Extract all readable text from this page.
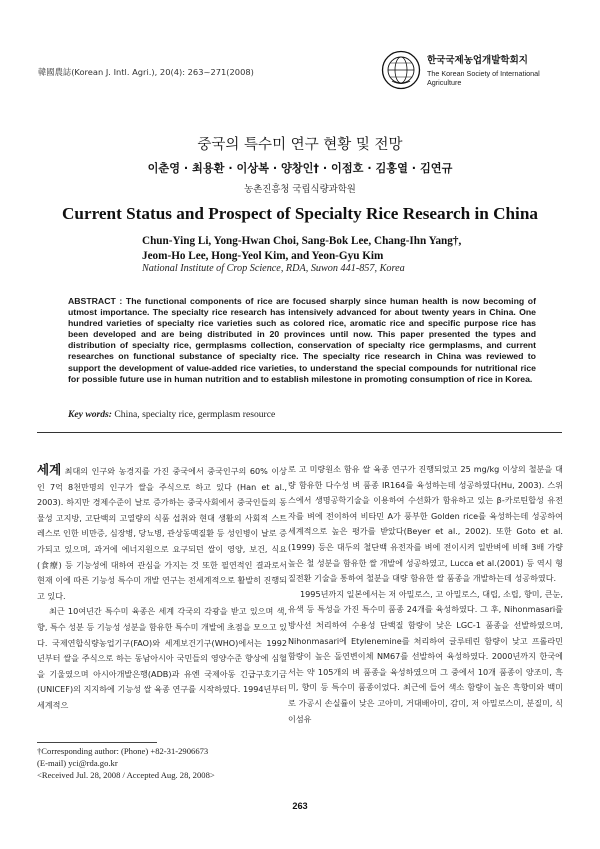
韓國農誌(Korean J. Intl. Agri.), 20(4): 263~271(2008)
한국국제농업개발학회지
The Korean Society of International
Agriculture
중국의 특수미 연구 현황 및 전망
이춘영 · 최용환 · 이상복 · 양창인† · 이점호 · 김홍열 · 김연규
농촌진흥청 국립식량과학원
Current Status and Prospect of Specialty Rice Research in China
Chun-Ying Li, Yong-Hwan Choi, Sang-Bok Lee, Chang-Ihn Yang†,
Jeom-Ho Lee, Hong-Yeol Kim, and Yeon-Gyu Kim
National Institute of Crop Science, RDA, Suwon 441-857, Korea

ABSTRACT : The functional components of rice are focused sharply since human health is now becoming of utmost importance. The specialty rice research has intensively advanced for about twenty years in China. One hundred varieties of specialty rice varieties such as colored rice, aromatic rice and specific purpose rice has been developed and are being distributed in 20 provinces until now. This paper presented the types and distribution of specialty rice, germplasms collection, conservation of specialty rice germplasms, and current researches on functional substance of specialty rice. The specialty rice research in China was reviewed to support the development of value-added rice varieties, to understand the special compounds for nutritional rice for possible future use in human nutrition and to establish milestone in promoting consumption of rice in Korea.

Key words: China, specialty rice, germplasm resource

세계 최대의 인구와 농경지를 가진 중국에서 중국인구의 60% 이상인 7억 8천만명의 인구가 쌀을 주식으로 하고 있다 (Han et al., 2003). 하지만 경제수준이 날로 증가하는 중국사회에서 중국인들의 동물성 고지방, 고단백의 고열량의 식품 섭취와 현대 생활의 사회적 스트레스로 인한 비만증, 심장병, 당뇨병, 관상동맥질환 등 성인병이 날로 증가되고 있으며, 과거에 에너지원으로 요구되던 쌀이 영양, 보건, 식요(食療) 등 기능성에 대하여 관심을 가지는 것 또한 필연적인 결과로서 현재 이에 따른 기능성 특수미 개발 연구는 전세계적으로 활발히 진행되고 있다.

최근 10여년간 특수미 육종은 세계 각국의 각광을 받고 있으며 색, 향, 특수 성분 등 기능성 성분을 함유한 특수미 개발에 초점을 모으고 있다. 국제연합식량농업기구(FAO)와 세계보건기구(WHO)에서는 1992년부터 쌀을 주식으로 하는 동남아시아 국민들의 영양수준 향상에 심혈을 기울였으며 아시아개발은행(ADB)과 유엔 국제아동 긴급구호기금(UNICEF)의 지지하에 기능성 쌀 육종 연구를 시작하였다. 1994년부터 세계적으

로 고 미량원소 함유 쌀 육종 연구가 진행되었고 25 mg/kg 이상의 철분을 대량 함유한 다수성 벼 품종 IR164를 육성하는데 성공하였다(Hu, 2003). 스위스에서 생명공학기술을 이용하여 수선화가 함유하고 있는 β-카로틴합성 유전자를 벼에 전이하여 비타민 A가 풍부한 Golden rice를 육성하는데 성공하여 세계적으로 높은 평가를 받았다(Beyer et al., 2002). 또한 Goto et al.(1999) 등은 대두의 철단백 유전자를 벼에 전이시켜 일반벼에 비해 3배 가량 높은 철 성분을 함유한 쌀 개발에 성공하였고, Lucca et al.(2001) 등 역시 형질전환 기술을 통하여 철분을 대량 함유한 쌀 품종을 개발하는데 성공하였다.

1995년까지 일본에서는 저 아밀로스, 고 아밀로스, 대립, 소립, 향미, 큰눈, 유색 등 특성을 가진 특수미 품종 24개를 육성하였다. 그 후, Nihonmasari를 방사선 처리하여 수용성 단백질 함량이 낮은 LGC-1 품종을 선발하였으며, Nihonmasari에 Etylenemine를 처리하여 글루테린 함량이 낮고 프롤라민 함량이 높은 돌연변이체 NM67를 선발하여 육성하였다. 2000년까지 한국에서는 약 105개의 벼 품종을 육성하였으며 그 중에서 10개 품종이 양조미, 흑미, 향미 등 특수미 품종이었다. 최근에 들어 색소 함량이 높은 흑향미와 백미로 가공시 손실률이 낮은 고아미, 거대배아미, 감미, 저 아밀로스미, 분질미, 식이섬유

†Corresponding author: (Phone) +82-31-2906673
(E-mail) yci@rda.go.kr
<Received Jul. 28, 2008 / Accepted Aug. 28, 2008>
263
